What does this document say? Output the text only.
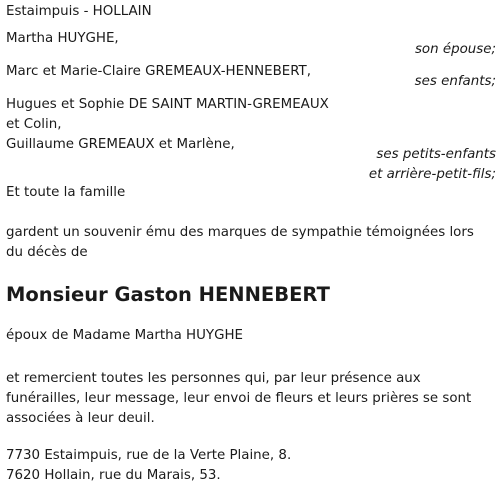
Estaimpuis - HOLLAIN
Martha HUYGHE,
son épouse;
Marc et Marie-Claire GREMEAUX-HENNEBERT,
ses enfants;
Hugues et Sophie DE SAINT MARTIN-GREMEAUX
et Colin,
Guillaume GREMEAUX et Marlène,
ses petits-enfants
et arrière-petit-fils;
Et toute la famille
gardent un souvenir ému des marques de sympathie témoignées lors du décès de
Monsieur Gaston HENNEBERT
époux de Madame Martha HUYGHE
et remercient toutes les personnes qui, par leur présence aux funérailles, leur message, leur envoi de fleurs et leurs prières se sont associées à leur deuil.
7730 Estaimpuis, rue de la Verte Plaine, 8.
7620 Hollain, rue du Marais, 53.
